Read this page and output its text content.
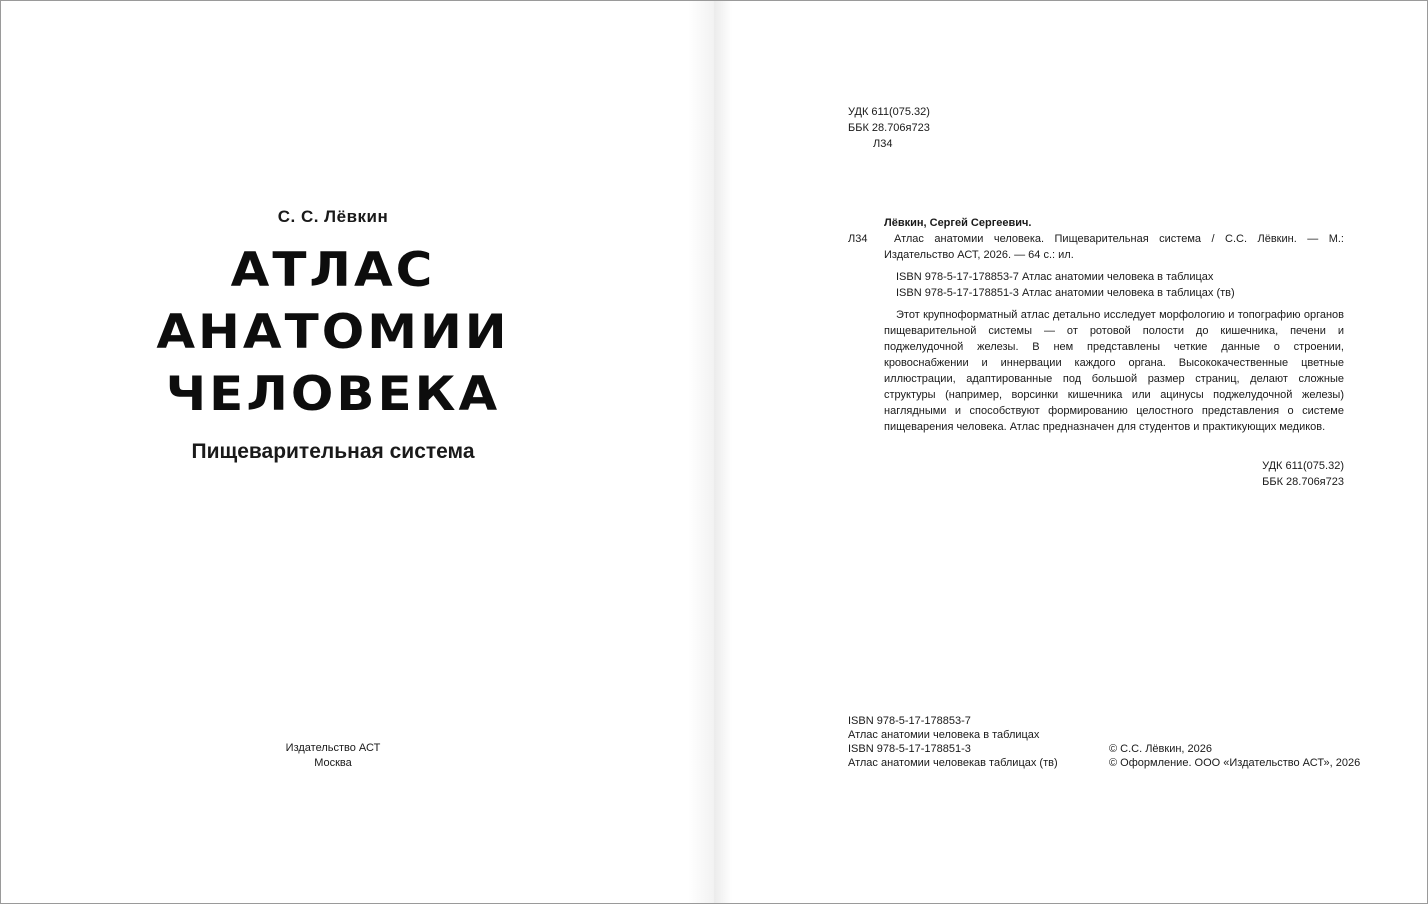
С. С. Лёвкин
АТЛАС
АНАТОМИИ
ЧЕЛОВЕКА
Пищеварительная система
Издательство АСТ
Москва
УДК 611(075.32)
ББК 28.706я723
Л34
Лёвкин, Сергей Сергеевич.
Л34	Атлас анатомии человека. Пищеварительная система / С.С. Лёвкин. — М.: Издательство АСТ, 2026. — 64 с.: ил.
ISBN 978-5-17-178853-7 Атлас анатомии человека в таблицах
ISBN 978-5-17-178851-3 Атлас анатомии человека в таблицах (тв)
Этот крупноформатный атлас детально исследует морфологию и топографию органов пищеварительной системы — от ротовой полости до кишечника, печени и поджелудочной железы. В нем представлены четкие данные о строении, кровоснабжении и иннервации каждого органа. Высококачественные цветные иллюстрации, адаптированные под большой размер страниц, делают сложные структуры (например, ворсинки кишечника или ацинусы поджелудочной железы) наглядными и способствуют формированию целостного представления о системе пищеварения человека. Атлас предназначен для студентов и практикующих медиков.
УДК 611(075.32)
ББК 28.706я723
ISBN 978-5-17-178853-7
Атлас анатомии человека в таблицах
ISBN 978-5-17-178851-3
Атлас анатомии человекав таблицах (тв)
© С.С. Лёвкин, 2026
© Оформление. ООО «Издательство АСТ», 2026
